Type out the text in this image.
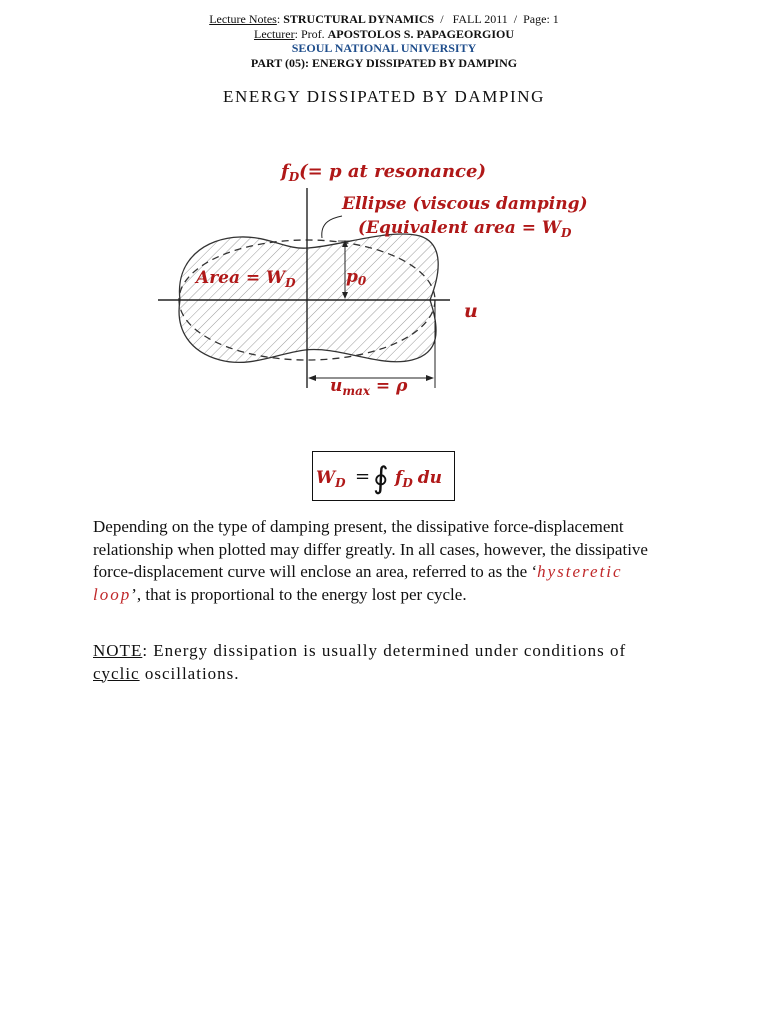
Lecture Notes: STRUCTURAL DYNAMICS  /   FALL 2011  /  Page: 1
Lecturer: Prof. APOSTOLOS S. PAPAGEORGIOU
SEOUL NATIONAL UNIVERSITY
PART (05): ENERGY DISSIPATED BY DAMPING
ENERGY DISSIPATED BY DAMPING
$f_D(= p$ at resonance)
Ellipse (viscous damping)
(Equivalent area = $W_D$
Area = $W_D$	p0
u
$u_{max} = \rho$
$W_D$ = ∮ $f_D$ du
Depending on the type of damping present, the dissipative force-displacement relationship when plotted may differ greatly. In all cases, however, the dissipative force-displacement curve will enclose an area, referred to as the ‘hysteretic loop’, that is proportional to the energy lost per cycle.
NOTE: Energy dissipation is usually determined under conditions of cyclic oscillations.
